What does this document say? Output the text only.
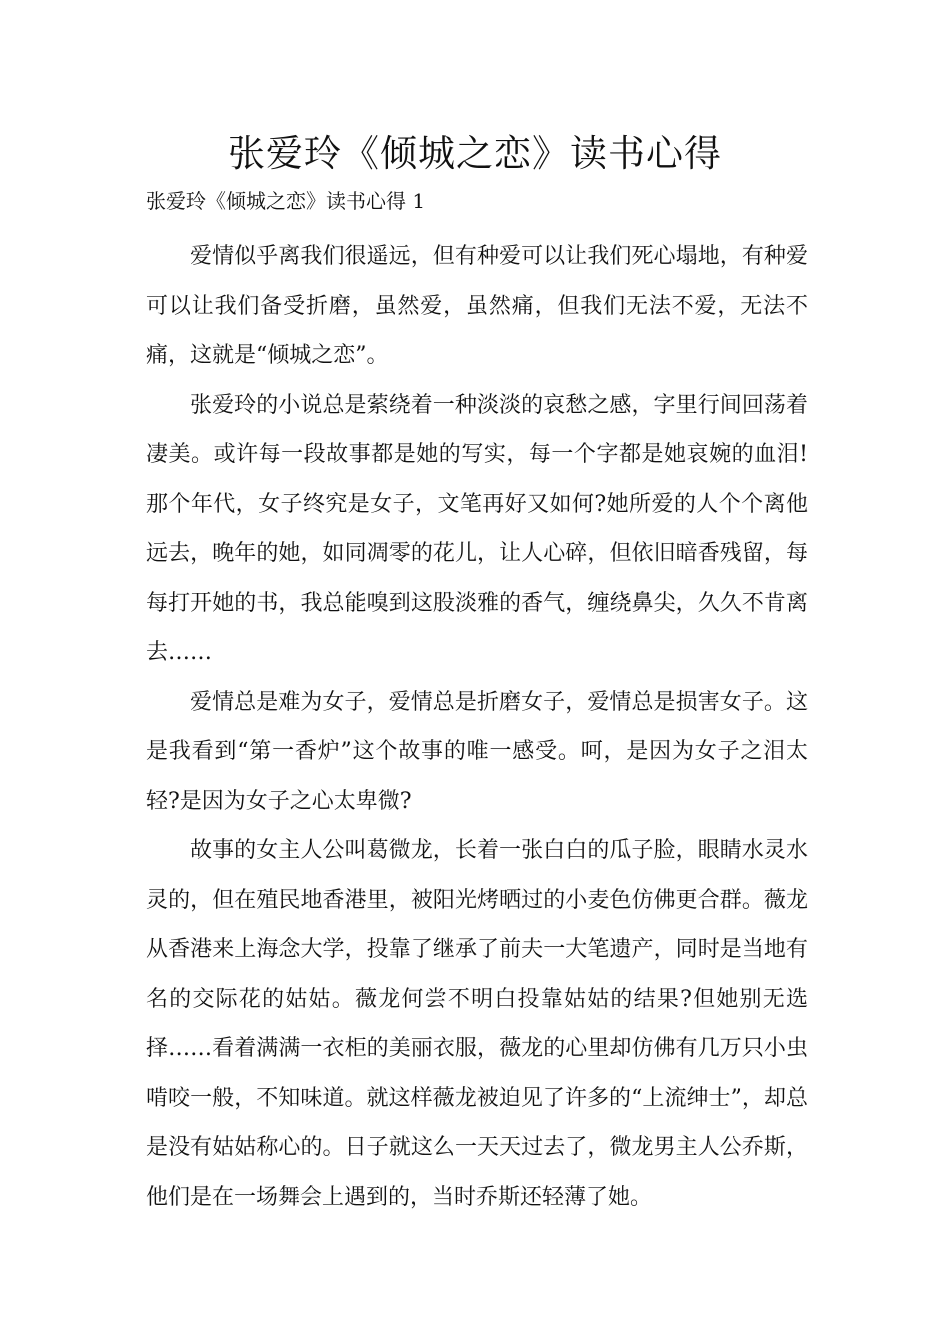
张爱玲《倾城之恋》读书心得
张爱玲《倾城之恋》读书心得 1

爱情似乎离我们很遥远，但有种爱可以让我们死心塌地，有种爱可以让我们备受折磨，虽然爱，虽然痛，但我们无法不爱，无法不痛，这就是“倾城之恋”。

张爱玲的小说总是萦绕着一种淡淡的哀愁之感，字里行间回荡着凄美。或许每一段故事都是她的写实，每一个字都是她哀婉的血泪!那个年代，女子终究是女子，文笔再好又如何?她所爱的人个个离他远去，晚年的她，如同凋零的花儿，让人心碎，但依旧暗香残留，每每打开她的书，我总能嗅到这股淡雅的香气，缠绕鼻尖，久久不肯离去……

爱情总是难为女子，爱情总是折磨女子，爱情总是损害女子。这是我看到“第一香炉”这个故事的唯一感受。呵，是因为女子之泪太轻?是因为女子之心太卑微?

故事的女主人公叫葛微龙，长着一张白白的瓜子脸，眼睛水灵水灵的，但在殖民地香港里，被阳光烤晒过的小麦色仿佛更合群。薇龙从香港来上海念大学，投靠了继承了前夫一大笔遗产，同时是当地有名的交际花的姑姑。薇龙何尝不明白投靠姑姑的结果?但她别无选择……看着满满一衣柜的美丽衣服，薇龙的心里却仿佛有几万只小虫啃咬一般，不知味道。就这样薇龙被迫见了许多的“上流绅士”，却总是没有姑姑称心的。日子就这么一天天过去了，微龙男主人公乔斯，他们是在一场舞会上遇到的，当时乔斯还轻薄了她。
